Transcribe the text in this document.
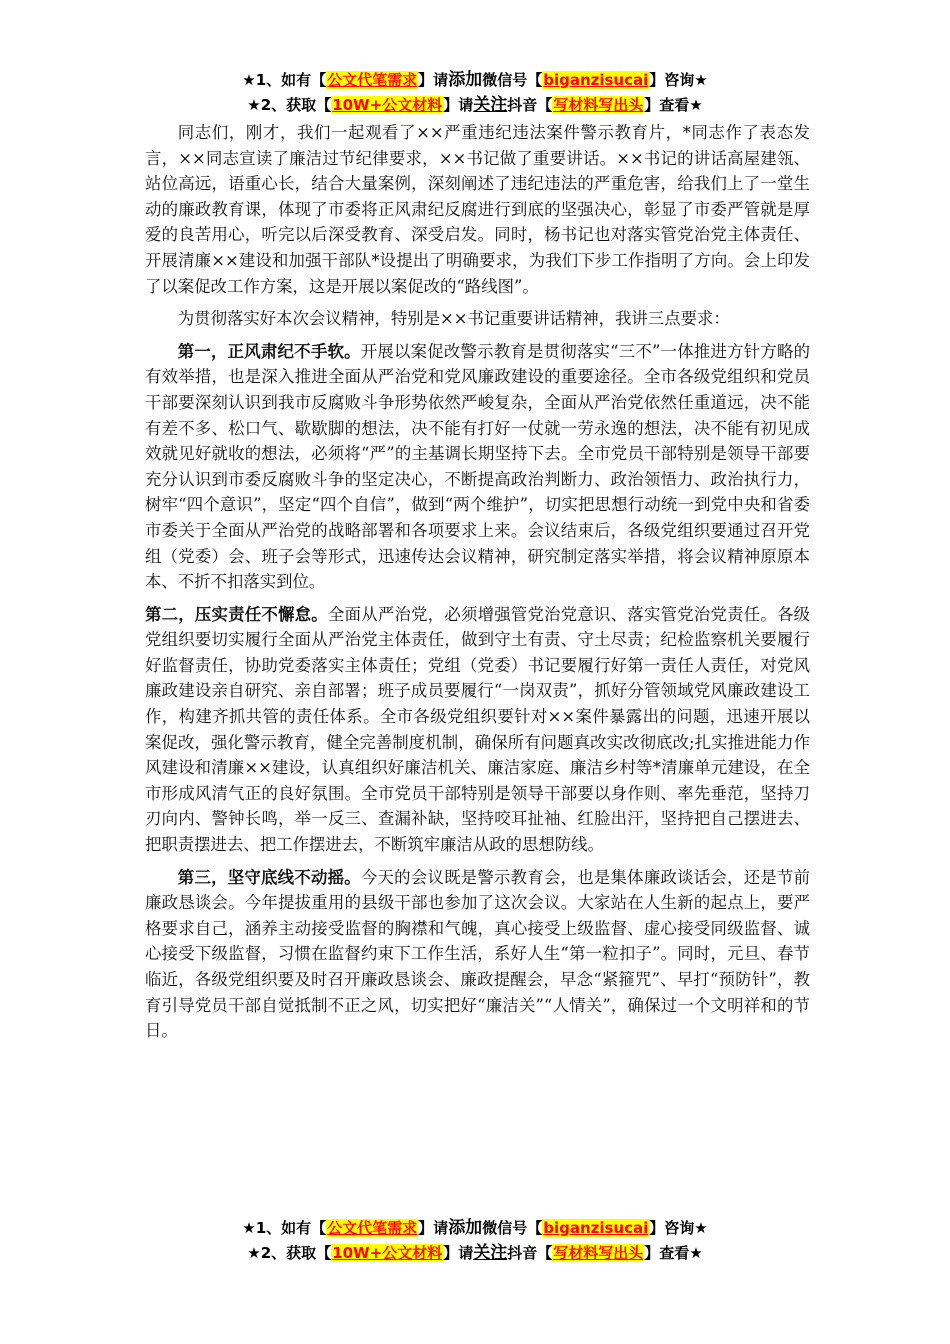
★1、如有【公文代笔需求】请添加微信号【biganzisucai】咨询★
★2、获取【10W+公文材料】请关注抖音【写材料写出头】查看★

同志们，刚才，我们一起观看了××严重违纪违法案件警示教育片，*同志作了表态发言，××同志宣读了廉洁过节纪律要求，××书记做了重要讲话。××书记的讲话高屋建瓴、站位高远，语重心长，结合大量案例，深刻阐述了违纪违法的严重危害，给我们上了一堂生动的廉政教育课，体现了市委将正风肃纪反腐进行到底的坚强决心，彰显了市委严管就是厚爱的良苦用心，听完以后深受教育、深受启发。同时，杨书记也对落实管党治党主体责任、开展清廉××建设和加强干部队*设提出了明确要求，为我们下步工作指明了方向。会上印发了以案促改工作方案，这是开展以案促改的“路线图”。

为贯彻落实好本次会议精神，特别是××书记重要讲话精神，我讲三点要求：

第一，正风肃纪不手软。开展以案促改警示教育是贯彻落实“三不”一体推进方针方略的有效举措，也是深入推进全面从严治党和党风廉政建设的重要途径。全市各级党组织和党员干部要深刻认识到我市反腐败斗争形势依然严峻复杂，全面从严治党依然任重道远，决不能有差不多、松口气、歇歇脚的想法，决不能有打好一仗就一劳永逸的想法，决不能有初见成效就见好就收的想法，必须将“严”的主基调长期坚持下去。全市党员干部特别是领导干部要充分认识到市委反腐败斗争的坚定决心，不断提高政治判断力、政治领悟力、政治执行力，树牢“四个意识”，坚定“四个自信”，做到“两个维护”，切实把思想行动统一到党中央和省委市委关于全面从严治党的战略部署和各项要求上来。会议结束后，各级党组织要通过召开党组（党委）会、班子会等形式，迅速传达会议精神，研究制定落实举措，将会议精神原原本本、不折不扣落实到位。

第二，压实责任不懈怠。全面从严治党，必须增强管党治党意识、落实管党治党责任。各级党组织要切实履行全面从严治党主体责任，做到守土有责、守土尽责；纪检监察机关要履行好监督责任，协助党委落实主体责任；党组（党委）书记要履行好第一责任人责任，对党风廉政建设亲自研究、亲自部署；班子成员要履行“一岗双责”，抓好分管领域党风廉政建设工作，构建齐抓共管的责任体系。全市各级党组织要针对××案件暴露出的问题，迅速开展以案促改，强化警示教育，健全完善制度机制，确保所有问题真改实改彻底改;扎实推进能力作风建设和清廉××建设，认真组织好廉洁机关、廉洁家庭、廉洁乡村等*清廉单元建设，在全市形成风清气正的良好氛围。全市党员干部特别是领导干部要以身作则、率先垂范，坚持刀刃向内、警钟长鸣，举一反三、查漏补缺，坚持咬耳扯袖、红脸出汗，坚持把自己摆进去、把职责摆进去、把工作摆进去，不断筑牢廉洁从政的思想防线。

第三，坚守底线不动摇。今天的会议既是警示教育会，也是集体廉政谈话会，还是节前廉政恳谈会。今年提拔重用的县级干部也参加了这次会议。大家站在人生新的起点上，要严格要求自己，涵养主动接受监督的胸襟和气魄，真心接受上级监督、虚心接受同级监督、诚心接受下级监督，习惯在监督约束下工作生活，系好人生“第一粒扣子”。同时，元旦、春节临近，各级党组织要及时召开廉政恳谈会、廉政提醒会，早念“紧箍咒”、早打“预防针”，教育引导党员干部自觉抵制不正之风，切实把好“廉洁关”“人情关”，确保过一个文明祥和的节日。

★1、如有【公文代笔需求】请添加微信号【biganzisucai】咨询★
★2、获取【10W+公文材料】请关注抖音【写材料写出头】查看★
